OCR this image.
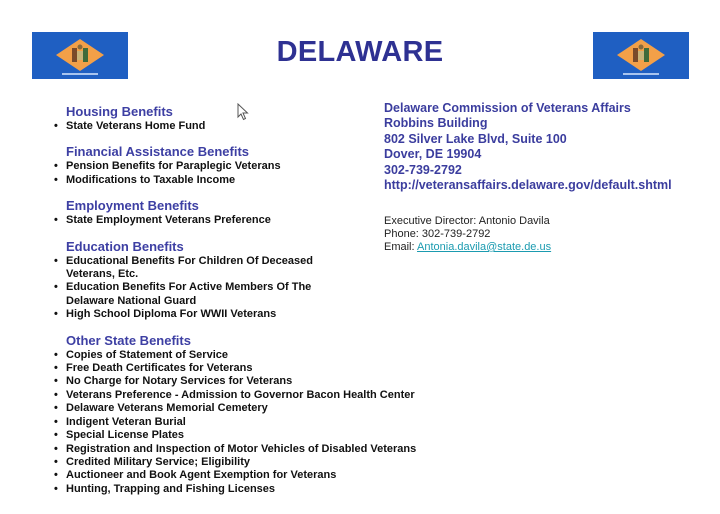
DELAWARE
Housing Benefits
• State Veterans Home Fund
Financial Assistance Benefits
• Pension Benefits for Paraplegic Veterans
• Modifications to Taxable Income
Employment Benefits
• State Employment Veterans Preference
Education Benefits
• Educational Benefits For Children Of Deceased
Veterans, Etc.
• Education Benefits For Active Members Of The
Delaware National Guard
• High School Diploma For WWII Veterans
Other State Benefits
• Copies of Statement of Service
• Free Death Certificates for Veterans
• No Charge for Notary Services for Veterans
• Veterans Preference - Admission to Governor Bacon Health Center
• Delaware Veterans Memorial Cemetery
• Indigent Veteran Burial
• Special License Plates
• Registration and Inspection of Motor Vehicles of Disabled Veterans
• Credited Military Service; Eligibility
• Auctioneer and Book Agent Exemption for Veterans
• Hunting, Trapping and Fishing Licenses
Delaware Commission of Veterans Affairs
Robbins Building
802 Silver Lake Blvd, Suite 100
Dover, DE 19904
302-739-2792
http://veteransaffairs.delaware.gov/default.shtml
Executive Director: Antonio Davila
Phone: 302-739-2792
Email: Antonia.davila@state.de.us
